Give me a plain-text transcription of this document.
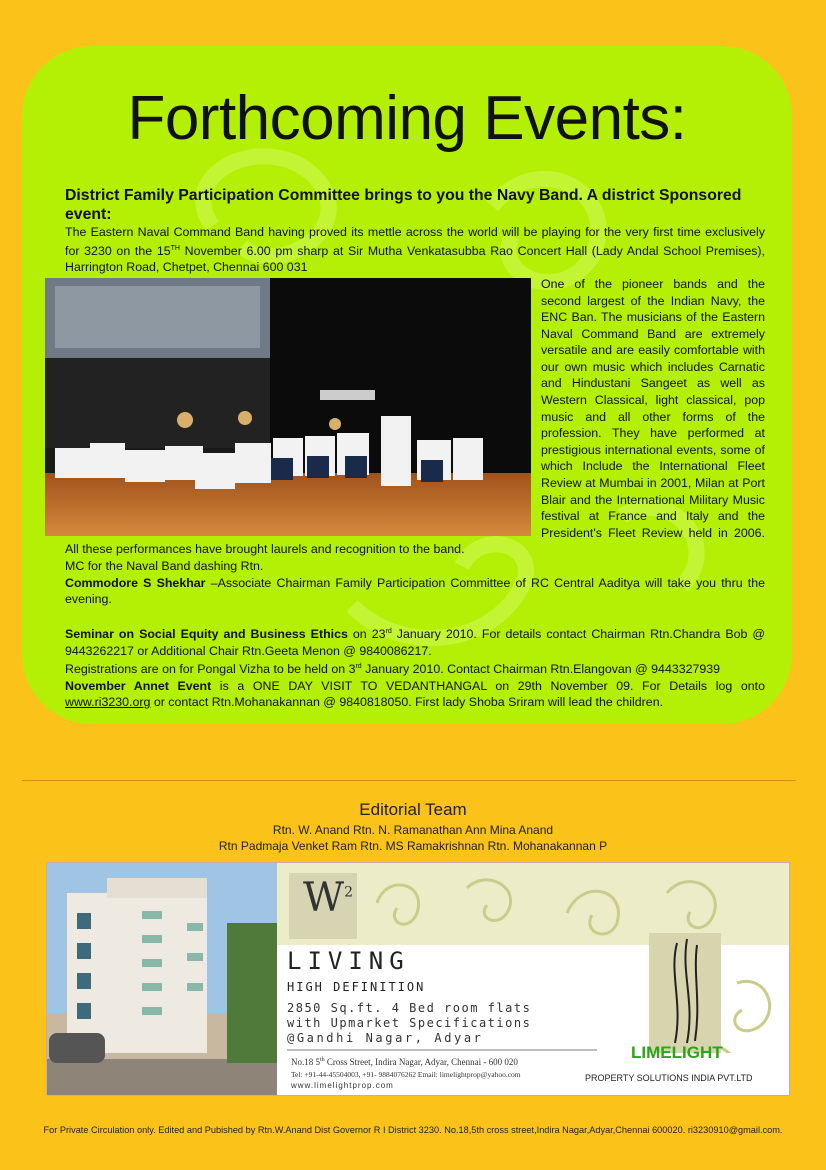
Forthcoming Events:

District Family Participation Committee brings to you the Navy Band. A district Sponsored event:

The Eastern Naval Command Band having proved its mettle across the world will be playing for the very first time exclusively for 3230 on the 15TH November 6.00 pm sharp at Sir Mutha Venkatasubba Rao Concert Hall (Lady Andal School Premises), Harrington Road, Chetpet, Chennai 600 031

One of the pioneer bands and the second largest of the Indian Navy, the ENC Ban. The musicians of the Eastern Naval Command Band are extremely versatile and are easily comfortable with our own music which includes Carnatic and Hindustani Sangeet as well as Western Classical, light classical, pop music and all other forms of the profession. They have performed at prestigious international events, some of which Include the International Fleet Review at Mumbai in 2001, Milan at Port Blair and the International Military Music festival at France and Italy and the President's Fleet Review held in 2006. All these performances have brought laurels and recognition to the band.

MC for the Naval Band dashing Rtn.

Commodore S Shekhar –Associate Chairman Family Participation Committee of RC Central Aaditya will take you thru the evening.

Seminar on Social Equity and Business Ethics on 23rd January 2010. For details contact Chairman Rtn.Chandra Bob @ 9443262217 or Additional Chair Rtn.Geeta Menon @ 9840086217.

Registrations are on for Pongal Vizha to be held on 3rd January 2010. Contact Chairman Rtn.Elangovan @ 9443327939

November Annet Event is a ONE DAY VISIT TO VEDANTHANGAL on 29th November 09. For Details log onto www.ri3230.org or contact Rtn.Mohanakannan @ 9840818050. First lady Shoba Sriram will lead the children.

Editorial Team
Rtn. W. Anand Rtn. N. Ramanathan Ann Mina Anand
Rtn Padmaja Venket Ram Rtn. MS Ramakrishnan Rtn. Mohanakannan P
$W^2$
LIVING
HIGH DEFINITION
2850 Sq.ft. 4 Bed room flats
with Upmarket Specifications
@Gandhi Nagar, Adyar
No.18 5th Cross Street, Indira Nagar, Adyar, Chennai - 600 020
Tel: +91-44-45504003, +91- 9884076262 Email: limelightprop@yahoo.com
www.limelightprop.com
LIMELIGHT
PROPERTY SOLUTIONS INDIA PVT.LTD
For Private Circulation only. Edited and Pubished by Rtn.W.Anand Dist Governor R I District 3230. No.18,5th cross street,Indira Nagar,Adyar,Chennai 600020. ri3230910@gmail.com.
